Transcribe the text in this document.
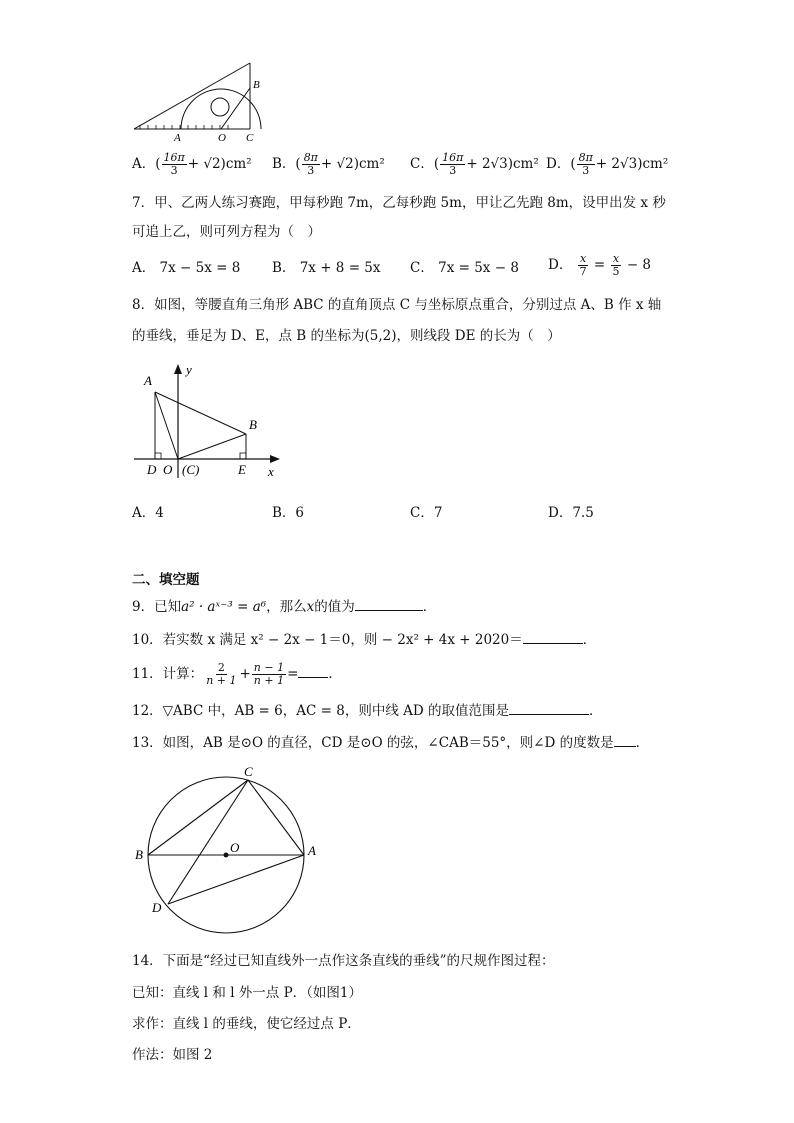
A	O C
B
A．( $\frac{16\pi}{3} + √2)cm^2$ B．( $\frac{8\pi}{3} + √2)cm^2$ C．( $\frac{16\pi}{3} + 2√3)cm^2$ D．( $\frac{8\pi}{3} + 2√3)cm^2$
7．甲、乙两人练习赛跑，甲每秒跑 7m，乙每秒跑 5m，甲让乙先跑 8m，设甲出发 x 秒
可追上乙，则可列方程为（　）
A． 7x − 5x = 8 B． 7x + 8 = 5x C． 7x = 5x − 8 D． $\frac{x}{7} = \frac{x}{5} - 8$
8．如图，等腰直角三角形 ABC 的直角顶点 C 与坐标原点重合，分别过点 A、B 作 x 轴
的垂线，垂足为 D、E，点 B 的坐标为(5,2)，则线段 DE 的长为（　）
A
y
B
D O (C)	E x
A．4	B．6	C．7	D．7.5
二、填空题
9．已知a² · aˣ⁻³ = a⁶，那么x的值为	．
10．若实数 x 满足 x² − 2x − 1＝0，则 − 2x² + 4x + 2020＝	．
11．计算： $\frac{2}{n + 1} + \frac{n - 1}{n + 1}$ = ．
12．▽ABC 中，AB = 6，AC = 8，则中线 AD 的取值范围是	．
13．如图，AB 是⊙O 的直径，CD 是⊙O 的弦，∠CAB＝55°，则∠D 的度数是 ．
C
O
B	A
D
14．下面是“经过已知直线外一点作这条直线的垂线”的尺规作图过程：
已知：直线 l 和 l 外一点 P．（如图1）
求作：直线 l 的垂线，使它经过点 P．
作法：如图 2
